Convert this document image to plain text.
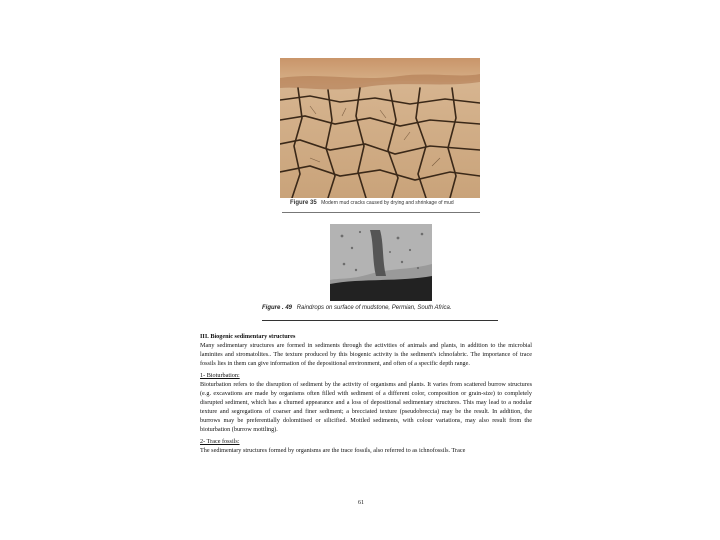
Figure 35 Modern mud cracks caused by drying and shrinkage of mud
Figure . 49 Raindrops on surface of mudstone, Permian, South Africa.

III. Biogenic sedimentary structures

Many sedimentary structures are formed in sediments through the activities of animals and plants, in addition to the microbial laminites and stromatolites.. The texture produced by this biogenic activity is the sediment's ichnofabric. The importance of trace fossils lies in them can give information of the depositional environment, and often of a specific depth range.

1- Bioturbation:

Bioturbation refers to the disruption of sediment by the activity of organisms and plants. It varies from scattered burrow structures (e.g. excavations are made by organisms often filled with sediment of a different color, composition or grain-size) to completely disrupted sediment, which has a churned appearance and a loss of depositional sedimentary structures. This may lead to a nodular texture and segregations of coarser and finer sediment; a brecciated texture (pseudobreccia) may be the result. In addition, the burrows may be preferentially dolomitised or silicified. Mottled sediments, with colour variations, may also result from the bioturbation (burrow mottling).

2- Trace fossils:

The sedimentary structures formed by organisms are the trace fossils, also referred to as ichnofossils. Trace

61
